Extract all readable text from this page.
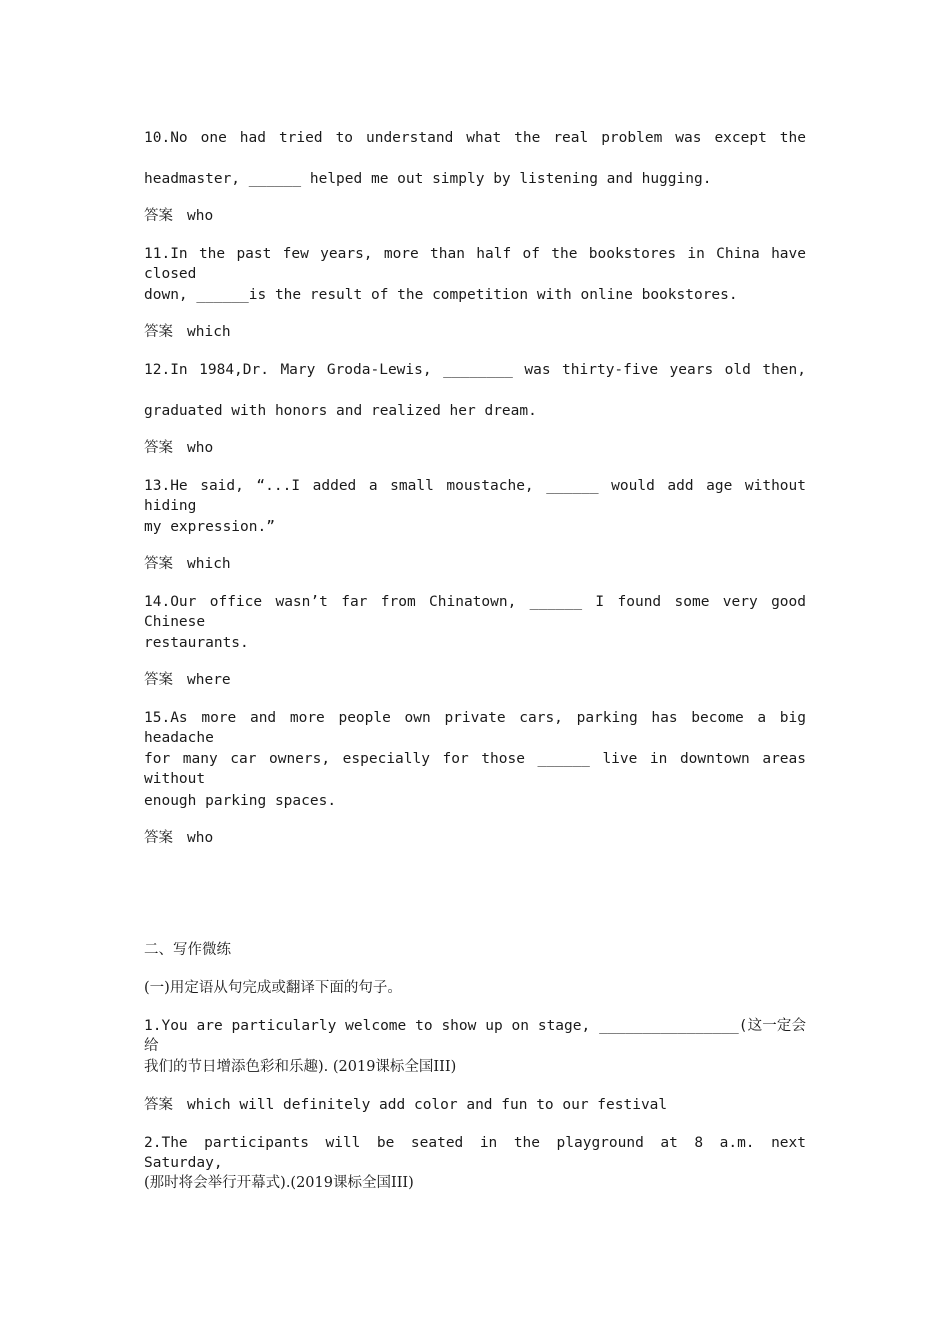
10.No one had tried to understand what the real problem was except the
headmaster, ______ helped me out simply by listening and hugging.
答案 who
11.In the past few years, more than half of the bookstores in China have closed
down, ______is the result of the competition with online bookstores.
答案 which
12.In 1984,Dr. Mary Groda-Lewis, ________ was thirty-five years old then,
graduated with honors and realized her dream.
答案 who
13.He said, “...I added a small moustache, ______ would add age without hiding
my expression.”
答案 which
14.Our office wasn’t far from Chinatown, ______ I found some very good Chinese
restaurants.
答案 where
15.As more and more people own private cars, parking has become a big headache
for many car owners, especially for those ______ live in downtown areas without
enough parking spaces.
答案 who
二、写作微练
(一)用定语从句完成或翻译下面的句子。
1.You are particularly welcome to show up on stage, ________________(这一定会给
我们的节日增添色彩和乐趣). (2019课标全国III)
答案 which will definitely add color and fun to our festival
2.The participants will be seated in the playground at 8 a.m. next Saturday,
(那时将会举行开幕式).(2019课标全国III)
